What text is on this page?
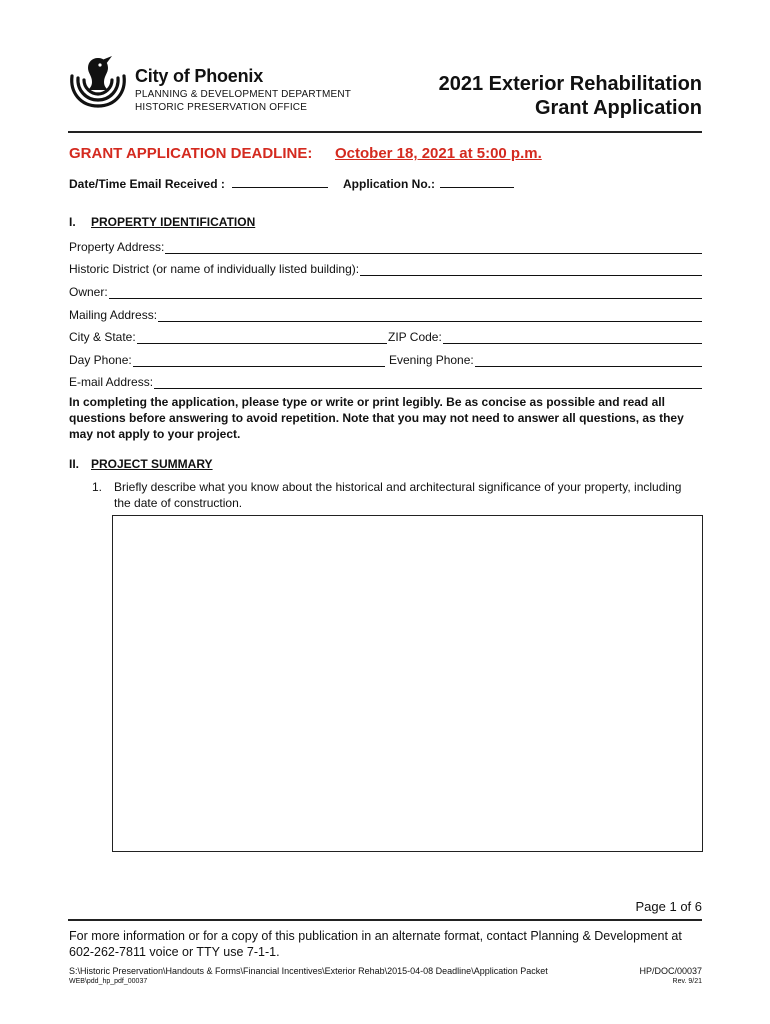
City of Phoenix
PLANNING & DEVELOPMENT DEPARTMENT
HISTORIC PRESERVATION OFFICE
2021 Exterior Rehabilitation
Grant Application
GRANT APPLICATION DEADLINE: October 18, 2021 at 5:00 p.m.
Date/Time Email Received :	Application No.:
I. PROPERTY IDENTIFICATION
Property Address:
Historic District (or name of individually listed building):
Owner:
Mailing Address:
City & State:	ZIP Code:
Day Phone:	Evening Phone:
E-mail Address:
In completing the application, please type or write or print legibly. Be as concise as possible and read all questions before answering to avoid repetition. Note that you may not need to answer all questions, as they may not apply to your project.
II. PROJECT SUMMARY
1. Briefly describe what you know about the historical and architectural significance of your property, including the date of construction.
Page 1 of 6
For more information or for a copy of this publication in an alternate format, contact Planning & Development at 602-262-7811 voice or TTY use 7-1-1.
S:\Historic Preservation\Handouts & Forms\Financial Incentives\Exterior Rehab\2015-04-08 Deadline\Application Packet
WEB\pdd_hp_pdf_00037
HP/DOC/00037
Rev. 9/21
